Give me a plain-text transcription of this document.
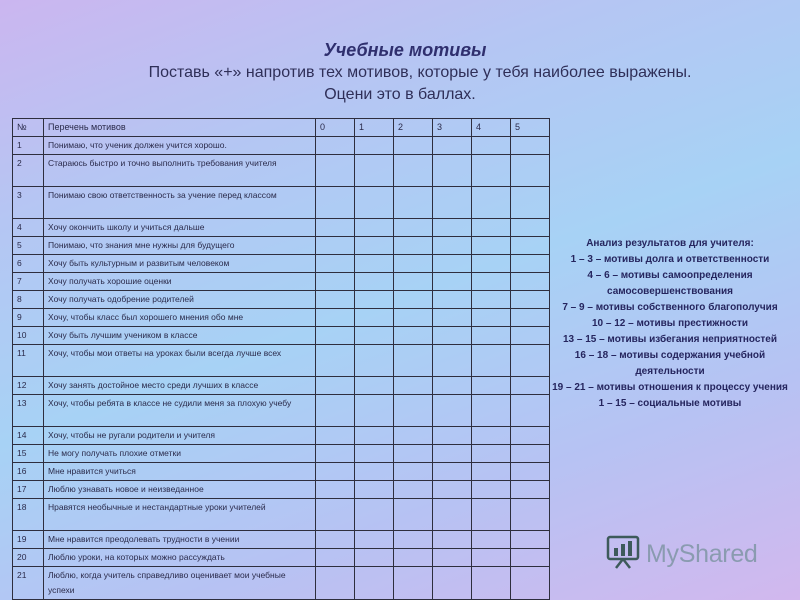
Учебные мотивы
Поставь «+» напротив тех мотивов, которые у тебя наиболее выражены.
Оцени это в баллах.
№	Перечень мотивов	0	1	2	3	4	5
1	Понимаю, что ученик должен учится хорошо.						
2	Стараюсь быстро и точно выполнить требования учителя						
3	Понимаю свою ответственность за учение перед классом						
4	Хочу окончить школу и учиться дальше						
5	Понимаю, что знания мне нужны для будущего						
6	Хочу быть культурным и развитым человеком						
7	Хочу получать хорошие оценки						
8	Хочу получать одобрение родителей						
9	Хочу, чтобы класс был хорошего мнения обо мне						
10	Хочу быть лучшим учеником в классе						
11	Хочу, чтобы мои ответы на уроках были всегда лучше всех						
12	Хочу занять достойное место среди лучших в классе						
13	Хочу, чтобы ребята в классе не судили меня за плохую учебу						
14	Хочу, чтобы не ругали родители и учителя						
15	Не могу получать плохие отметки						
16	Мне нравится учиться						
17	Люблю узнавать новое и неизведанное						
18	Нравятся необычные и нестандартные уроки учителей						
19	Мне нравится преодолевать трудности в учении						
20	Люблю уроки, на которых можно рассуждать						
21	Люблю, когда учитель справедливо оценивает мои учебные успехи						
Анализ результатов для учителя:
1 – 3 – мотивы долга и ответственности
4 – 6 – мотивы самоопределения самосовершенствования
7 – 9 – мотивы собственного благополучия
10 – 12 – мотивы престижности
13 – 15 – мотивы избегания неприятностей
16 – 18 – мотивы содержания учебной деятельности
19 – 21 – мотивы отношения к процессу учения
1 – 15 – социальные мотивы
MyShared
